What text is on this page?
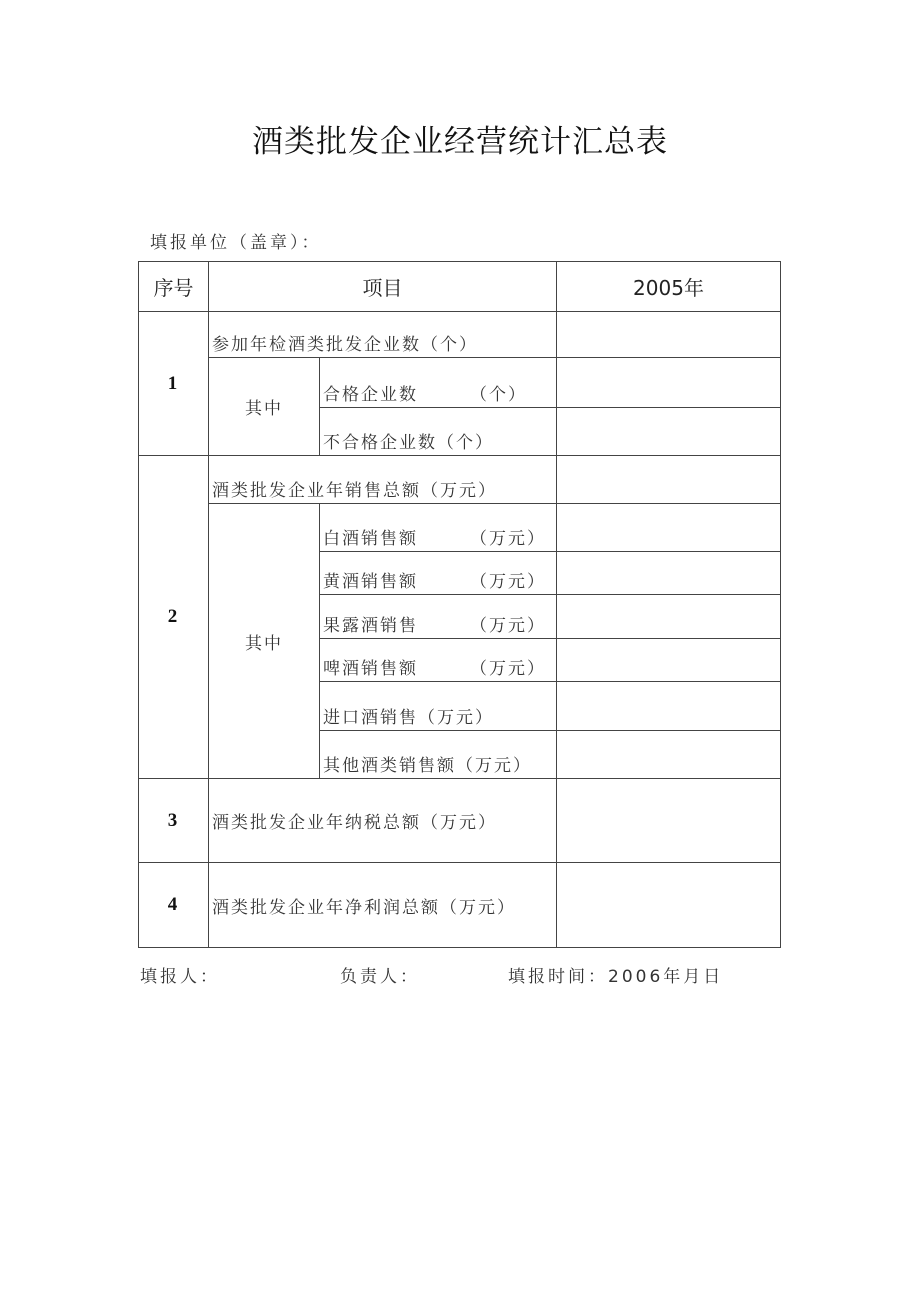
酒类批发企业经营统计汇总表
填报单位（盖章）：
序号	项目		2005年
1	参加年检酒类批发企业数（个）		
	其中	合格企业数 （个）	
		不合格企业数（个）	
2	酒类批发企业年销售总额（万元）		
	其中	白酒销售额 （万元）	
		黄酒销售额 （万元）	
		果露酒销售 （万元）	
		啤酒销售额 （万元）	
		进口酒销售（万元）	
		其他酒类销售额（万元）	
3	酒类批发企业年纳税总额（万元）		
4	酒类批发企业年净利润总额（万元）		
填报人：	负责人：	填报时间：2006年月日
